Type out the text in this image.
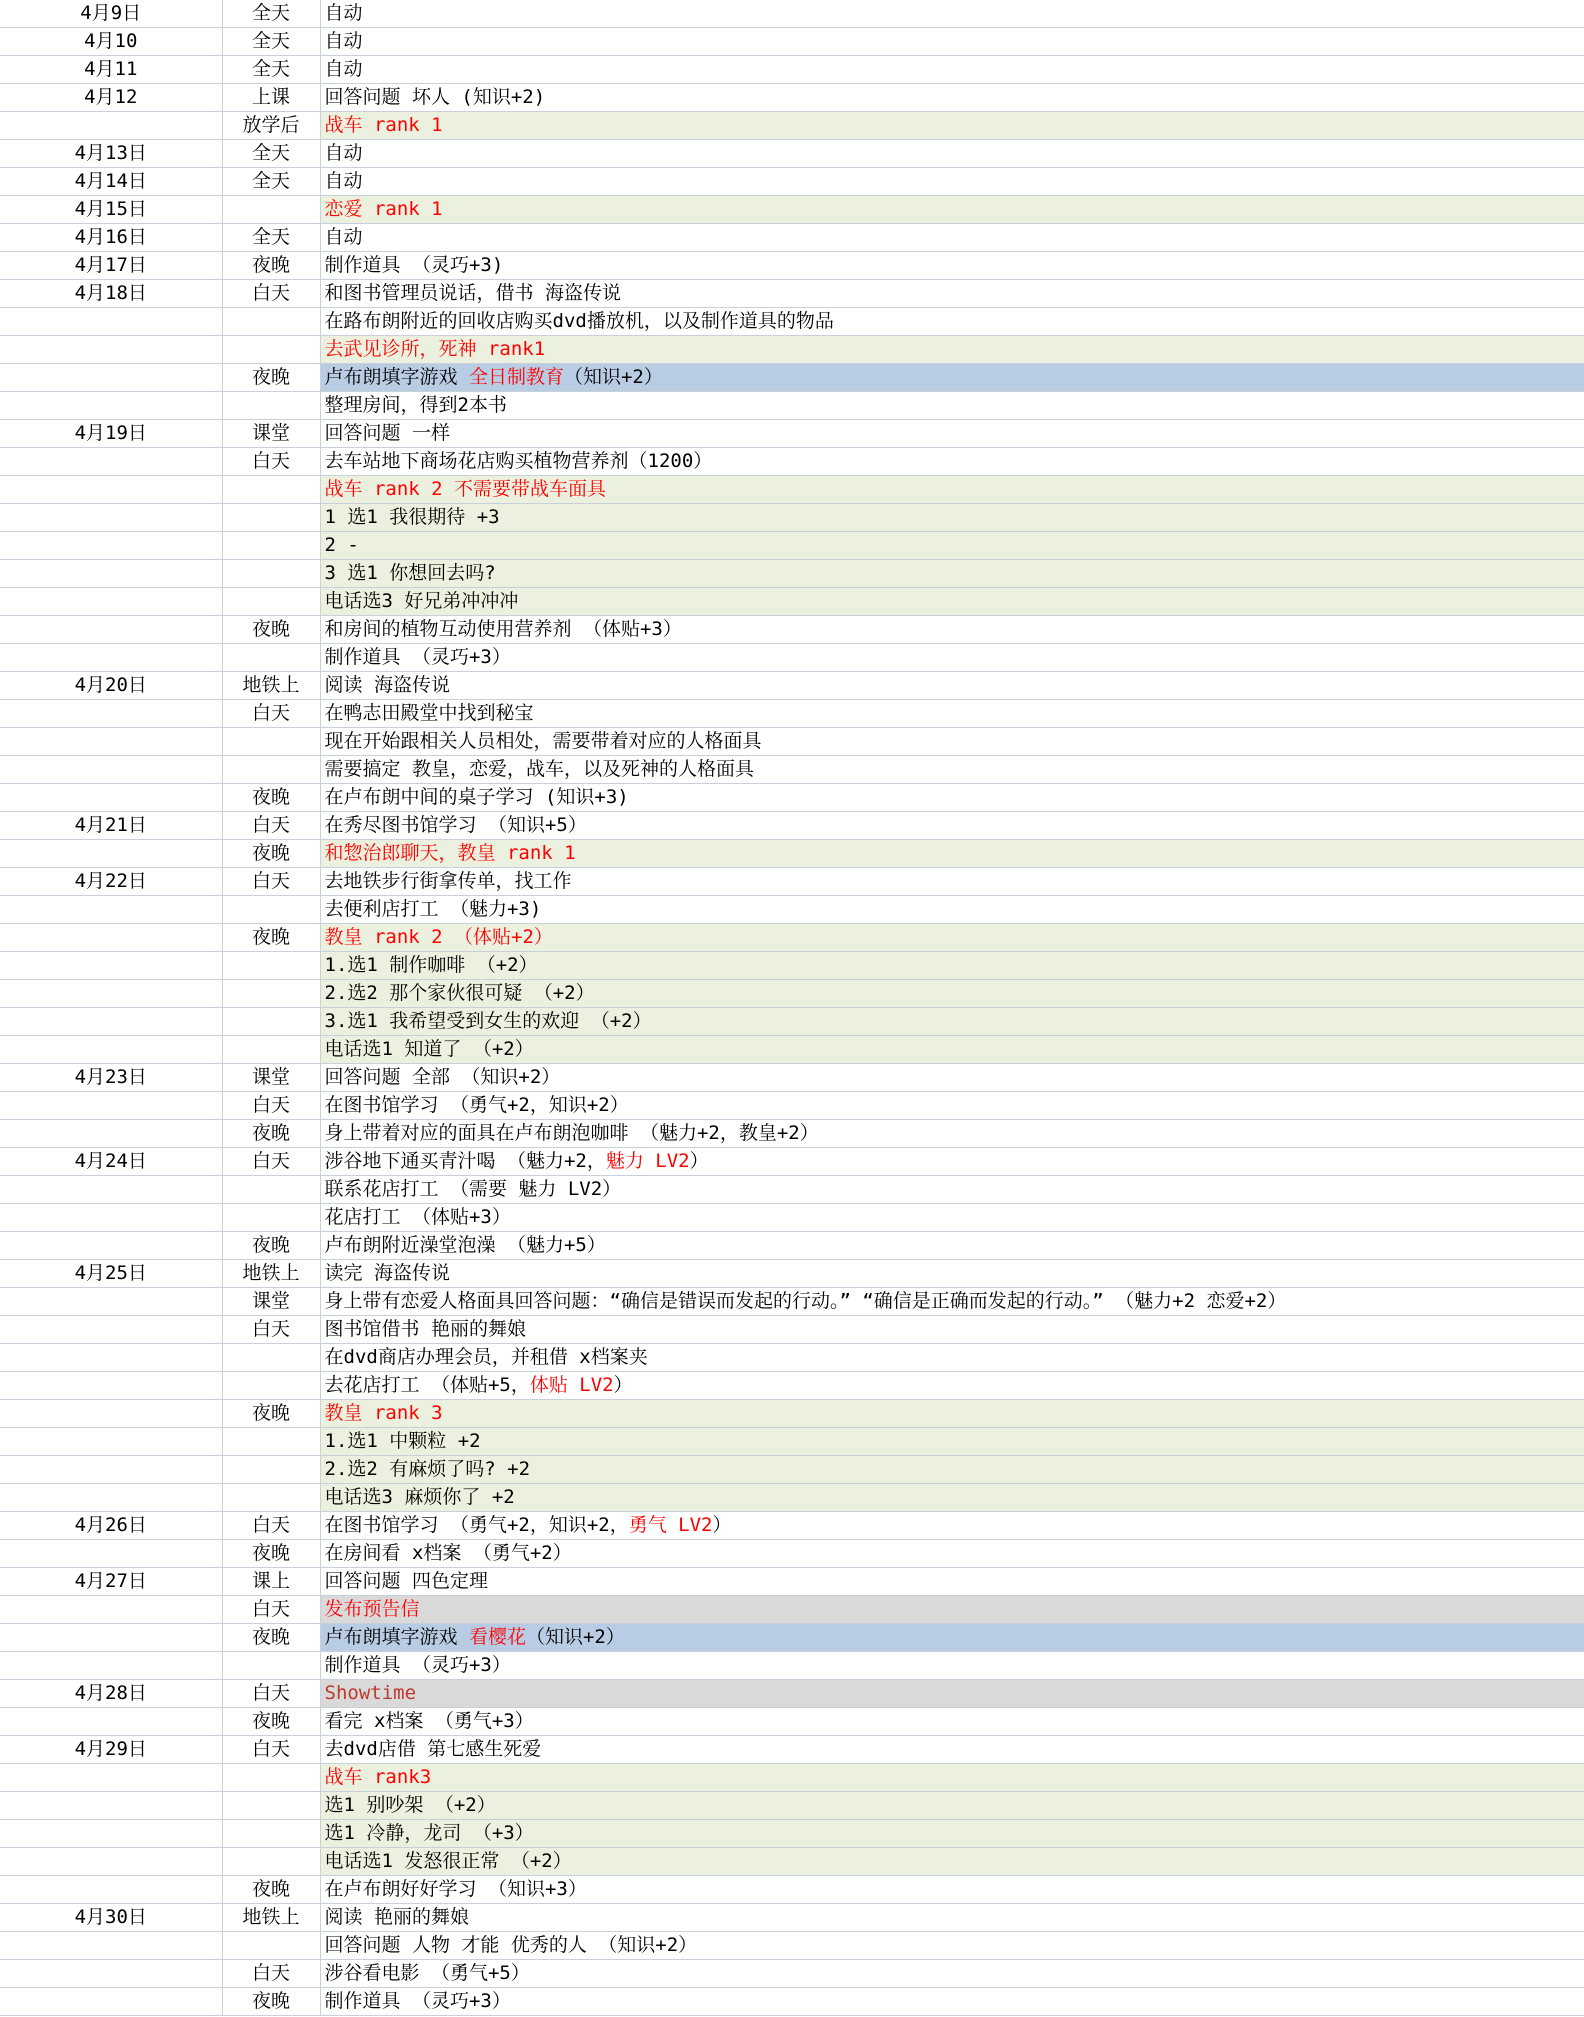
4月9日	全天	自动
4月10	全天	自动
4月11	全天	自动
4月12	上课	回答问题 坏人 (知识+2)
	放学后	战车 rank 1
4月13日	全天	自动
4月14日	全天	自动
4月15日		恋爱 rank 1
4月16日	全天	自动
4月17日	夜晚	制作道具 （灵巧+3)
4月18日	白天	和图书管理员说话，借书 海盗传说
		在路布朗附近的回收店购买dvd播放机，以及制作道具的物品
		去武见诊所，死神 rank1
	夜晚	卢布朗填字游戏 全日制教育（知识+2）
		整理房间，得到2本书
4月19日	课堂	回答问题 一样
	白天	去车站地下商场花店购买植物营养剂（1200）
		战车 rank 2 不需要带战车面具
		1 选1 我很期待 +3
		2 -
		3 选1 你想回去吗?
		电话选3 好兄弟冲冲冲
	夜晚	和房间的植物互动使用营养剂 （体贴+3）
		制作道具 （灵巧+3）
4月20日	地铁上	阅读 海盗传说
	白天	在鸭志田殿堂中找到秘宝
		现在开始跟相关人员相处，需要带着对应的人格面具
		需要搞定 教皇，恋爱，战车，以及死神的人格面具
	夜晚	在卢布朗中间的桌子学习 (知识+3)
4月21日	白天	在秀尽图书馆学习 （知识+5）
	夜晚	和惣治郎聊天，教皇 rank 1
4月22日	白天	去地铁步行街拿传单，找工作
		去便利店打工 （魅力+3)
	夜晚	教皇 rank 2 （体贴+2）
		1.选1 制作咖啡 （+2）
		2.选2 那个家伙很可疑 （+2）
		3.选1 我希望受到女生的欢迎 （+2）
		电话选1 知道了 （+2）
4月23日	课堂	回答问题 全部 （知识+2）
	白天	在图书馆学习 （勇气+2，知识+2）
	夜晚	身上带着对应的面具在卢布朗泡咖啡 （魅力+2，教皇+2）
4月24日	白天	涉谷地下通买青汁喝 （魅力+2，魅力 LV2）
		联系花店打工 （需要 魅力 LV2）
		花店打工 （体贴+3）
	夜晚	卢布朗附近澡堂泡澡 （魅力+5）
4月25日	地铁上	读完 海盗传说
	课堂	身上带有恋爱人格面具回答问题：“确信是错误而发起的行动。” “确信是正确而发起的行动。” （魅力+2 恋爱+2）
	白天	图书馆借书 艳丽的舞娘
		在dvd商店办理会员，并租借 x档案夹
		去花店打工 （体贴+5，体贴 LV2）
	夜晚	教皇 rank 3
		1.选1 中颗粒 +2
		2.选2 有麻烦了吗? +2
		电话选3 麻烦你了 +2
4月26日	白天	在图书馆学习 （勇气+2，知识+2，勇气 LV2）
	夜晚	在房间看 x档案 （勇气+2）
4月27日	课上	回答问题 四色定理
	白天	发布预告信
	夜晚	卢布朗填字游戏 看樱花（知识+2）
		制作道具 （灵巧+3）
4月28日	白天	Showtime
	夜晚	看完 x档案 （勇气+3）
4月29日	白天	去dvd店借 第七感生死爱
		战车 rank3
		选1 别吵架 （+2）
		选1 冷静，龙司 （+3）
		电话选1 发怒很正常 （+2）
	夜晚	在卢布朗好好学习 （知识+3）
4月30日	地铁上	阅读 艳丽的舞娘
		回答问题 人物 才能 优秀的人 （知识+2）
	白天	涉谷看电影 （勇气+5）
	夜晚	制作道具 （灵巧+3）
